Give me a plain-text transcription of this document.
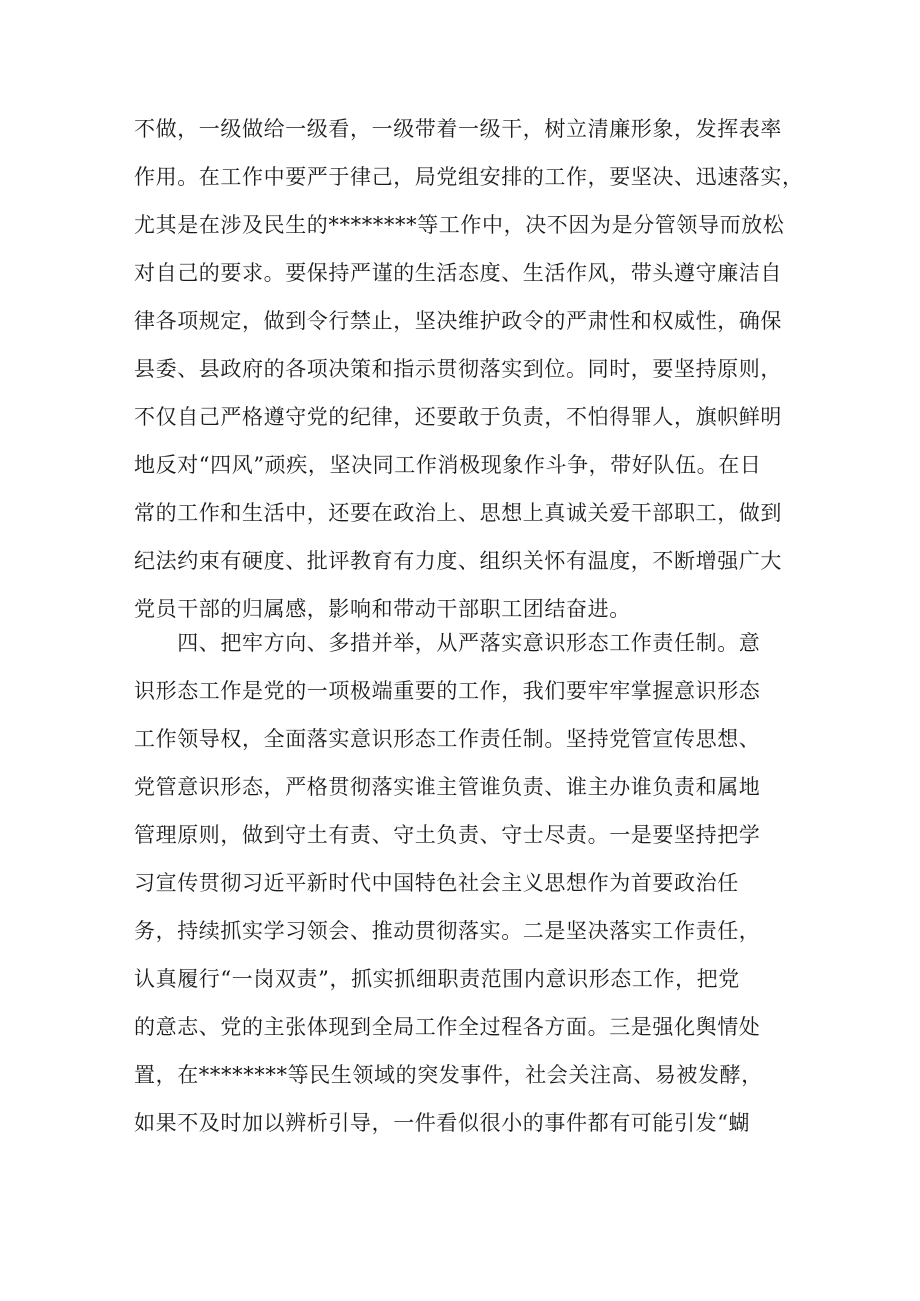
不做，一级做给一级看，一级带着一级干，树立清廉形象，发挥表率
作用。在工作中要严于律己，局党组安排的工作，要坚决、迅速落实，
尤其是在涉及民生的********等工作中，决不因为是分管领导而放松
对自己的要求。要保持严谨的生活态度、生活作风，带头遵守廉洁自
律各项规定，做到令行禁止，坚决维护政令的严肃性和权威性，确保
县委、县政府的各项决策和指示贯彻落实到位。同时，要坚持原则，
不仅自己严格遵守党的纪律，还要敢于负责，不怕得罪人，旗帜鲜明
地反对“四风”顽疾，坚决同工作消极现象作斗争，带好队伍。在日
常的工作和生活中，还要在政治上、思想上真诚关爱干部职工，做到
纪法约束有硬度、批评教育有力度、组织关怀有温度，不断增强广大
党员干部的归属感，影响和带动干部职工团结奋进。
　　四、把牢方向、多措并举，从严落实意识形态工作责任制。意
识形态工作是党的一项极端重要的工作，我们要牢牢掌握意识形态
工作领导权，全面落实意识形态工作责任制。坚持党管宣传思想、
党管意识形态，严格贯彻落实谁主管谁负责、谁主办谁负责和属地
管理原则，做到守土有责、守土负责、守士尽责。一是要坚持把学
习宣传贯彻习近平新时代中国特色社会主义思想作为首要政治任
务，持续抓实学习领会、推动贯彻落实。二是坚决落实工作责任，
认真履行“一岗双责”，抓实抓细职责范围内意识形态工作，把党
的意志、党的主张体现到全局工作全过程各方面。三是强化舆情处
置，在********等民生领域的突发事件，社会关注高、易被发酵，
如果不及时加以辨析引导，一件看似很小的事件都有可能引发“蝴
